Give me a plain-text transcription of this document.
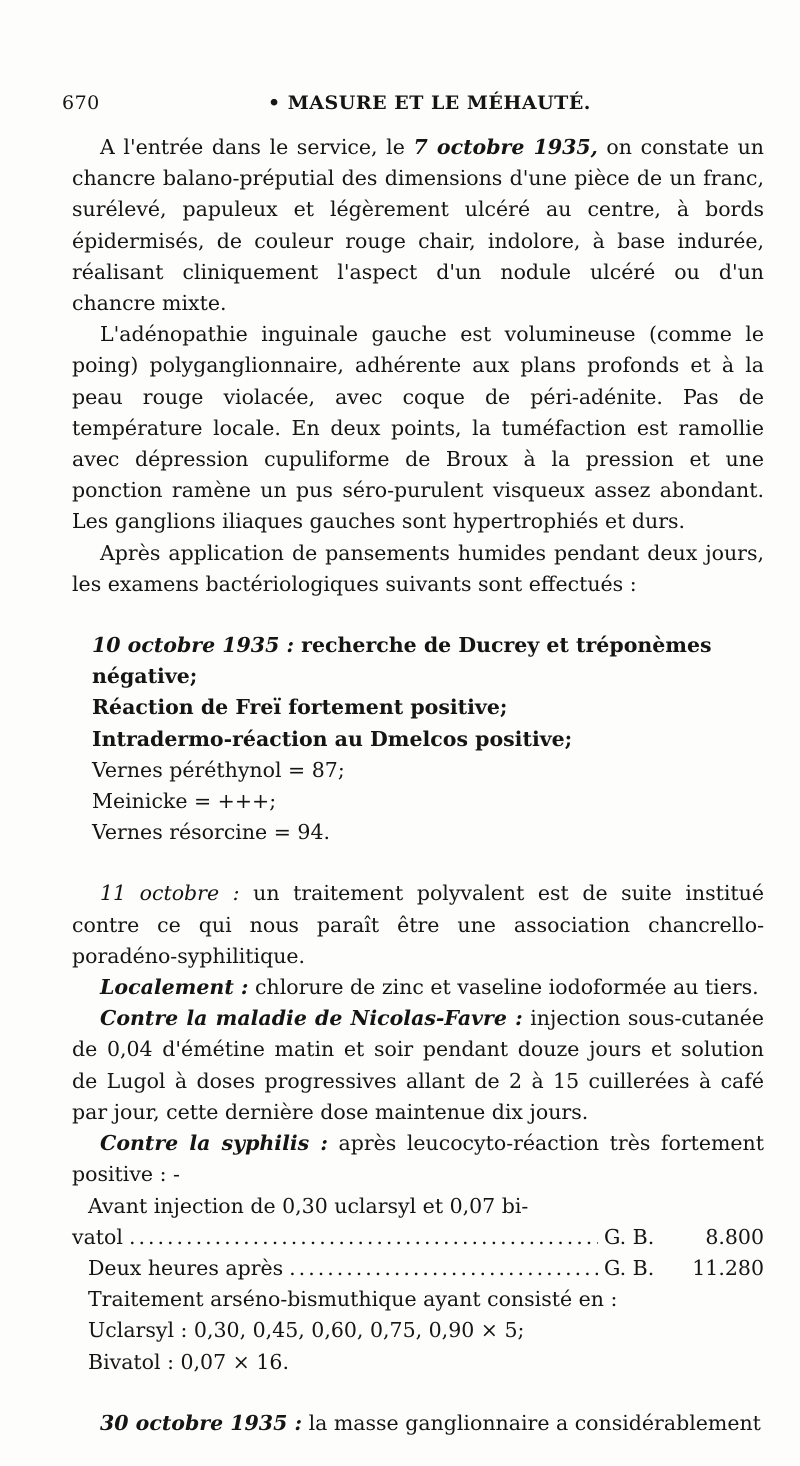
670	• MASURE ET LE MÉHAUTÉ.

A l'entrée dans le service, le 7 octobre 1935, on constate un chancre balano-préputial des dimensions d'une pièce de un franc, surélevé, papuleux et légèrement ulcéré au centre, à bords épidermisés, de couleur rouge chair, indolore, à base indurée, réalisant cliniquement l'aspect d'un nodule ulcéré ou d'un chancre mixte.

L'adénopathie inguinale gauche est volumineuse (comme le poing) polyganglionnaire, adhérente aux plans profonds et à la peau rouge violacée, avec coque de péri-adénite. Pas de température locale. En deux points, la tuméfaction est ramollie avec dépression cupuliforme de Broux à la pression et une ponction ramène un pus séro-purulent visqueux assez abondant. Les ganglions iliaques gauches sont hypertrophiés et durs.

Après application de pansements humides pendant deux jours, les examens bactériologiques suivants sont effectués :

10 octobre 1935 : recherche de Ducrey et tréponèmes négative;
Réaction de Freï fortement positive;
Intradermo-réaction au Dmelcos positive;
Vernes péréthynol = 87;
Meinicke = +++;
Vernes résorcine = 94.

11 octobre : un traitement polyvalent est de suite institué contre ce qui nous paraît être une association chancrello-poradéno-syphilitique.

Localement : chlorure de zinc et vaseline iodoformée au tiers.

Contre la maladie de Nicolas-Favre : injection sous-cutanée de 0,04 d'émétine matin et soir pendant douze jours et solution de Lugol à doses progressives allant de 2 à 15 cuillerées à café par jour, cette dernière dose maintenue dix jours.

Contre la syphilis : après leucocyto-réaction très fortement positive : -

Avant injection de 0,30 uclarsyl et 0,07 bi-
vatol .....	G. B.	8.800
Deux heures après .....	G. B.	11.280
Traitement arséno-bismuthique ayant consisté en :
Uclarsyl : 0,30, 0,45, 0,60, 0,75, 0,90 × 5;
Bivatol : 0,07 × 16.

30 octobre 1935 : la masse ganglionnaire a considérablement
